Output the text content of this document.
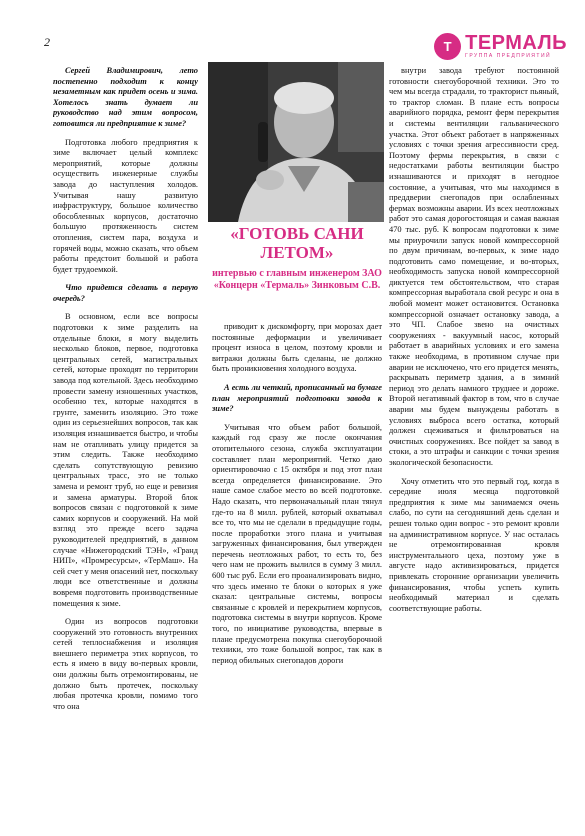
2	Т ТЕРМАЛЬ
ГРУППА ПРЕДПРИЯТИЙ

Сергей Владимирович, лето постепенно подходит к концу незаметным как придет осень и зима. Хотелось знать думает ли руководство над этим вопросом, готовится ли предприятие к зиме?

Подготовка любого предприятия к зиме включает целый комплекс мероприятий, которые должны осуществить инженерные службы завода до наступления холодов. Учитывая нашу развитую инфраструктуру, большое количество обособленных корпусов, достаточно большую протяженность систем отопления, систем пара, воздуха и горячей воды, можно сказать, что объем работы предстоит большой и работа будет трудоемкой.

Что придется сделать в первую очередь?

В основном, если все вопросы подготовки к зиме разделить на отдельные блоки, я могу выделить несколько блоков, первое, подготовка центральных сетей, магистральных сетей, которые проходят по территории завода под котельной. Здесь необходимо провести замену изношенных участков, особенно тех, которые находятся в грунте, заменить изоляцию. Это тоже один из серьезнейших вопросов, так как изоляция изнашивается быстро, и чтобы нам не отапливать улицу придется за этим следить. Также необходимо сделать сопутствующую ревизию центральных трасс, это не только замена и ремонт труб, но еще и ревизия и замена арматуры. Второй блок вопросов связан с подготовкой к зиме самих корпусов и сооружений. На мой взгляд это прежде всего задача руководителей предприятий, в данном случае «Нижегородский ТЭН», «Гранд НИП», «Промресурсы», «ТерМаш». На сей счет у меня опасений нет, поскольку люди все ответственные и должны вовремя подготовить производственные помещения к зиме.

Один из вопросов подготовки сооружений это готовность внутренних сетей теплоснабжения и изоляция внешнего периметра этих корпусов, то есть я имею в виду во-первых кровли, они должны быть отремонтированы, не должно быть протечек, поскольку любая протечка кровли, помимо того что она

«ГОТОВЬ САНИ ЛЕТОМ»

интервью с главным инженером ЗАО «Концерн «Термаль» Зинковым С.В.

приводит к дискомфорту, при морозах дает постоянные деформации и увеличивает процент износа в целом, поэтому кровли и витражи должны быть сделаны, не должно быть проникновения холодного воздуха.

А есть ли четкий, прописанный на бумаге план мероприятий подготовки завода к зиме?

Учитывая что объем работ большой, каждый год сразу же после окончания отопительного сезона, служба эксплуатации составляет план мероприятий. Четко даю ориентировочно с 15 октября и под этот план всегда определяется финансирование. Это наше самое слабое место во всей подготовке. Надо сказать, что первоначальный план тянул где-то на 8 милл. рублей, который охватывал все то, что мы не сделали в предыдущие годы, после проработки этого плана и учитывая загруженных финансирования, был утвержден перечень неотложных работ, то есть то, без чего нам не прожить вылился в сумму 3 милл. 600 тыс руб. Если его проанализировать видно, что здесь именно те блоки о которых я уже сказал: центральные системы, вопросы связанные с кровлей и перекрытием корпусов, подготовка системы в внутри корпусов. Кроме того, по инициативе руководства, впервые в плане предусмотрена покупка снегоуборочной техники, это тоже большой вопрос, так как в период обильных снегопадов дороги

внутри завода требуют постоянной готовности снегоуборочной техники. Это то чем мы всегда страдали, то тракторист пьяный, то трактор сломан. В плане есть вопросы аварийного порядка, ремонт ферм перекрытия и системы вентиляции гальванического участка. Этот объект работает в напряженных условиях с точки зрения агрессивности сред. Поэтому фермы перекрытия, в связи с недостатками работы вентиляции быстро изнашиваются и приходят в негодное состояние, а учитывая, что мы находимся в преддверии снегопадов при ослабленных фермах возможны аварии. Из всех неотложных работ это самая дорогостоящая и самая важная 470 тыс. руб. К вопросам подготовки к зиме мы приурочили запуск новой компрессорной по двум причинам, во-первых, к зиме надо подготовить само помещение, и во-вторых, необходимость запуска новой компрессорной диктуется тем обстоятельством, что старая компрессорная выработала свой ресурс и она в любой момент может остановится. Остановка компрессорной означает остановку завода, а это ЧП. Слабое звено на очистных сооружениях - вакуумный насос, который работает в аварийных условиях и его замена также необходима, в противном случае при аварии не исключено, что его придется менять, раскрывать периметр здания, а в зимний период это делать намного труднее и дороже. Второй негативный фактор в том, что в случае аварии мы будем вынуждены работать в условиях выброса всего остатка, который должен сцеживаться и фильтроваться на очистных сооружениях. Все пойдет за завод в стоки, а это штрафы и санкции с точки зрения экологической безопасности.

Хочу отметить что это первый год, когда в середине июля месяца подготовкой предприятия к зиме мы занимаемся очень слабо, по сути на сегодняшний день сделан и решен только один вопрос - это ремонт кровли на административном корпусе. У нас осталась не отремонтированная кровля инструментального цеха, поэтому уже в августе надо активизироваться, придется привлекать сторонние организации увеличить финансирования, чтобы успеть купить необходимый материал и сделать соответствующие работы.
